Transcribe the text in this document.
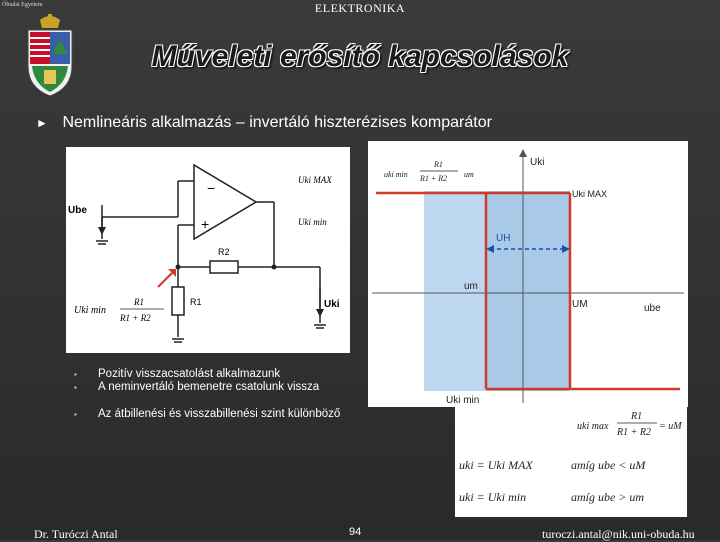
Óbudai Egyetem	ELEKTRONIKA
Műveleti erősítő kapcsolások
► Nemlineáris alkalmazás – invertáló hiszterézises komparátor
−
+
Ube
Uki MAX
Uki min
R2
R1	Uki
Uki min
R1
R1 + R2
uki min
R1
R1 + R2 um
Uki
Uki MAX
UH
um
UM	ube
Uki min
uki max
R1
R1 + R2
= uM
uki = Uki MAX	amíg ube < uM
uki = Uki min	amíg ube > um
▪	Pozitív visszacsatolást alkalmazunk
▪	A neminvertáló bemenetre csatolunk vissza
▪	Az átbillenési és visszabillenési szint különböző
Dr. Turóczi Antal	94	turoczi.antal@nik.uni-obuda.hu
